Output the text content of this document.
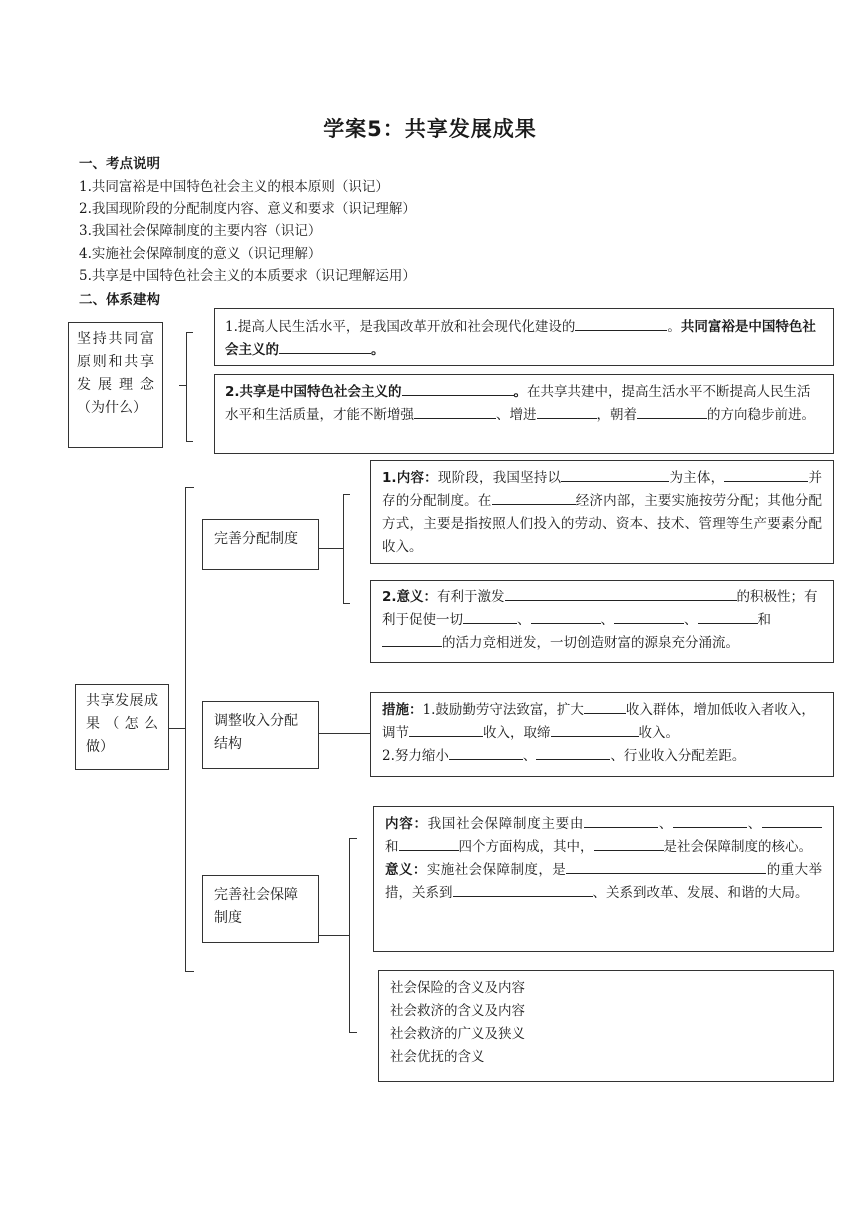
学案5：共享发展成果
一、考点说明
1.共同富裕是中国特色社会主义的根本原则（识记）
2.我国现阶段的分配制度内容、意义和要求（识记理解）
3.我国社会保障制度的主要内容（识记）
4.实施社会保障制度的意义（识记理解）
5.共享是中国特色社会主义的本质要求（识记理解运用）
二、体系建构
坚持共同富原则和共享发展理念（为什么）
1.提高人民生活水平，是我国改革开放和社会现代化建设的	。共同富裕是中国特色社会主义的	。
2.共享是中国特色社会主义的	。在共享共建中，提高生活水平不断提高人民生活水平和生活质量，才能不断增强	、增进	，朝着	的方向稳步前进。
共享发展成果（怎么做）
完善分配制度
调整收入分配结构
完善社会保障制度
1.内容：现阶段，我国坚持以	为主体，	并存的分配制度。在	经济内部，主要实施按劳分配；其他分配方式，主要是指按照人们投入的劳动、资本、技术、管理等生产要素分配收入。
2.意义：有利于激发	的积极性；有利于促使一切	、	、	、	和的活力竞相迸发，一切创造财富的源泉充分涌流。
措施：1.鼓励勤劳守法致富，扩大	收入群体，增加低收入者收入，调节	收入，取缔	收入。
2.努力缩小	、	、行业收入分配差距。
内容：我国社会保障制度主要由	、	、和	四个方面构成，其中，	是社会保障制度的核心。
意义：实施社会保障制度，是	的重大举措，关系到	、关系到改革、发展、和谐的大局。
社会保险的含义及内容
社会救济的含义及内容
社会救济的广义及狭义
社会优抚的含义
